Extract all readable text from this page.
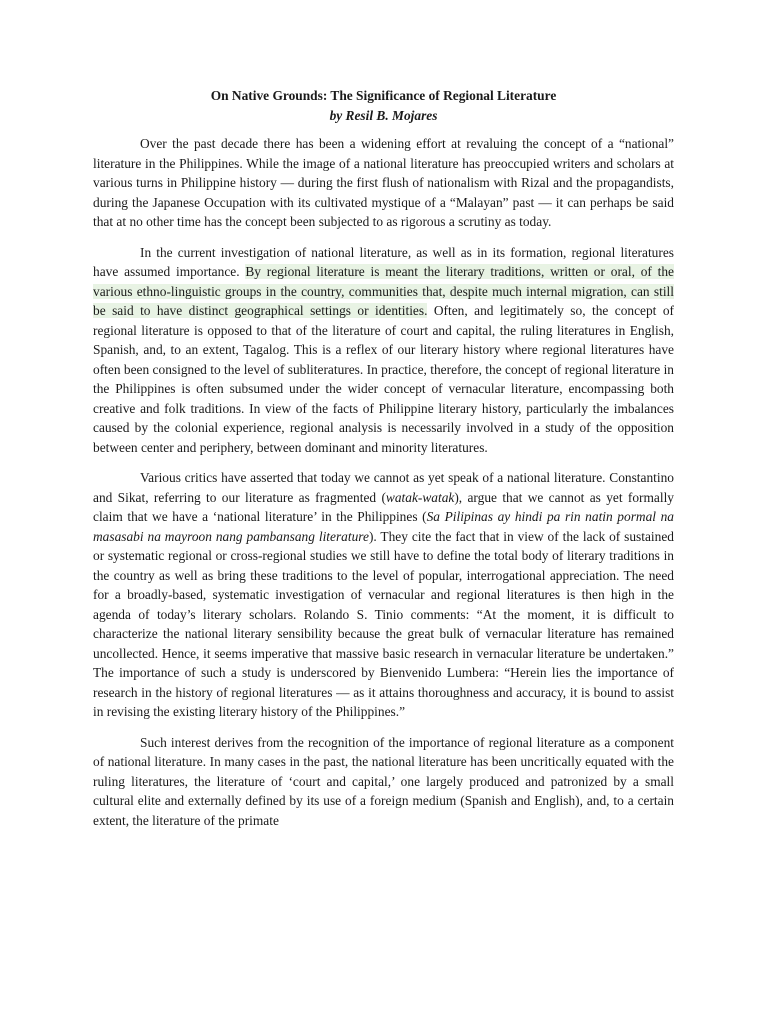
On Native Grounds: The Significance of Regional Literature
by Resil B. Mojares

Over the past decade there has been a widening effort at revaluing the concept of a “national” literature in the Philippines. While the image of a national literature has preoccupied writers and scholars at various turns in Philippine history — during the first flush of nationalism with Rizal and the propagandists, during the Japanese Occupation with its cultivated mystique of a “Malayan” past — it can perhaps be said that at no other time has the concept been subjected to as rigorous a scrutiny as today.

In the current investigation of national literature, as well as in its formation, regional literatures have assumed importance. By regional literature is meant the literary traditions, written or oral, of the various ethno-linguistic groups in the country, communities that, despite much internal migration, can still be said to have distinct geographical settings or identities. Often, and legitimately so, the concept of regional literature is opposed to that of the literature of court and capital, the ruling literatures in English, Spanish, and, to an extent, Tagalog. This is a reflex of our literary history where regional literatures have often been consigned to the level of subliteratures. In practice, therefore, the concept of regional literature in the Philippines is often subsumed under the wider concept of vernacular literature, encompassing both creative and folk traditions. In view of the facts of Philippine literary history, particularly the imbalances caused by the colonial experience, regional analysis is necessarily involved in a study of the opposition between center and periphery, between dominant and minority literatures.

Various critics have asserted that today we cannot as yet speak of a national literature. Constantino and Sikat, referring to our literature as fragmented (watak-watak), argue that we cannot as yet formally claim that we have a ‘national literature’ in the Philippines (Sa Pilipinas ay hindi pa rin natin pormal na masasabi na mayroon nang pambansang literature). They cite the fact that in view of the lack of sustained or systematic regional or cross-regional studies we still have to define the total body of literary traditions in the country as well as bring these traditions to the level of popular, interrogational appreciation. The need for a broadly-based, systematic investigation of vernacular and regional literatures is then high in the agenda of today’s literary scholars. Rolando S. Tinio comments: “At the moment, it is difficult to characterize the national literary sensibility because the great bulk of vernacular literature has remained uncollected. Hence, it seems imperative that massive basic research in vernacular literature be undertaken.” The importance of such a study is underscored by Bienvenido Lumbera: “Herein lies the importance of research in the history of regional literatures — as it attains thoroughness and accuracy, it is bound to assist in revising the existing literary history of the Philippines.”

Such interest derives from the recognition of the importance of regional literature as a component of national literature. In many cases in the past, the national literature has been uncritically equated with the ruling literatures, the literature of ‘court and capital,’ one largely produced and patronized by a small cultural elite and externally defined by its use of a foreign medium (Spanish and English), and, to a certain extent, the literature of the primate
